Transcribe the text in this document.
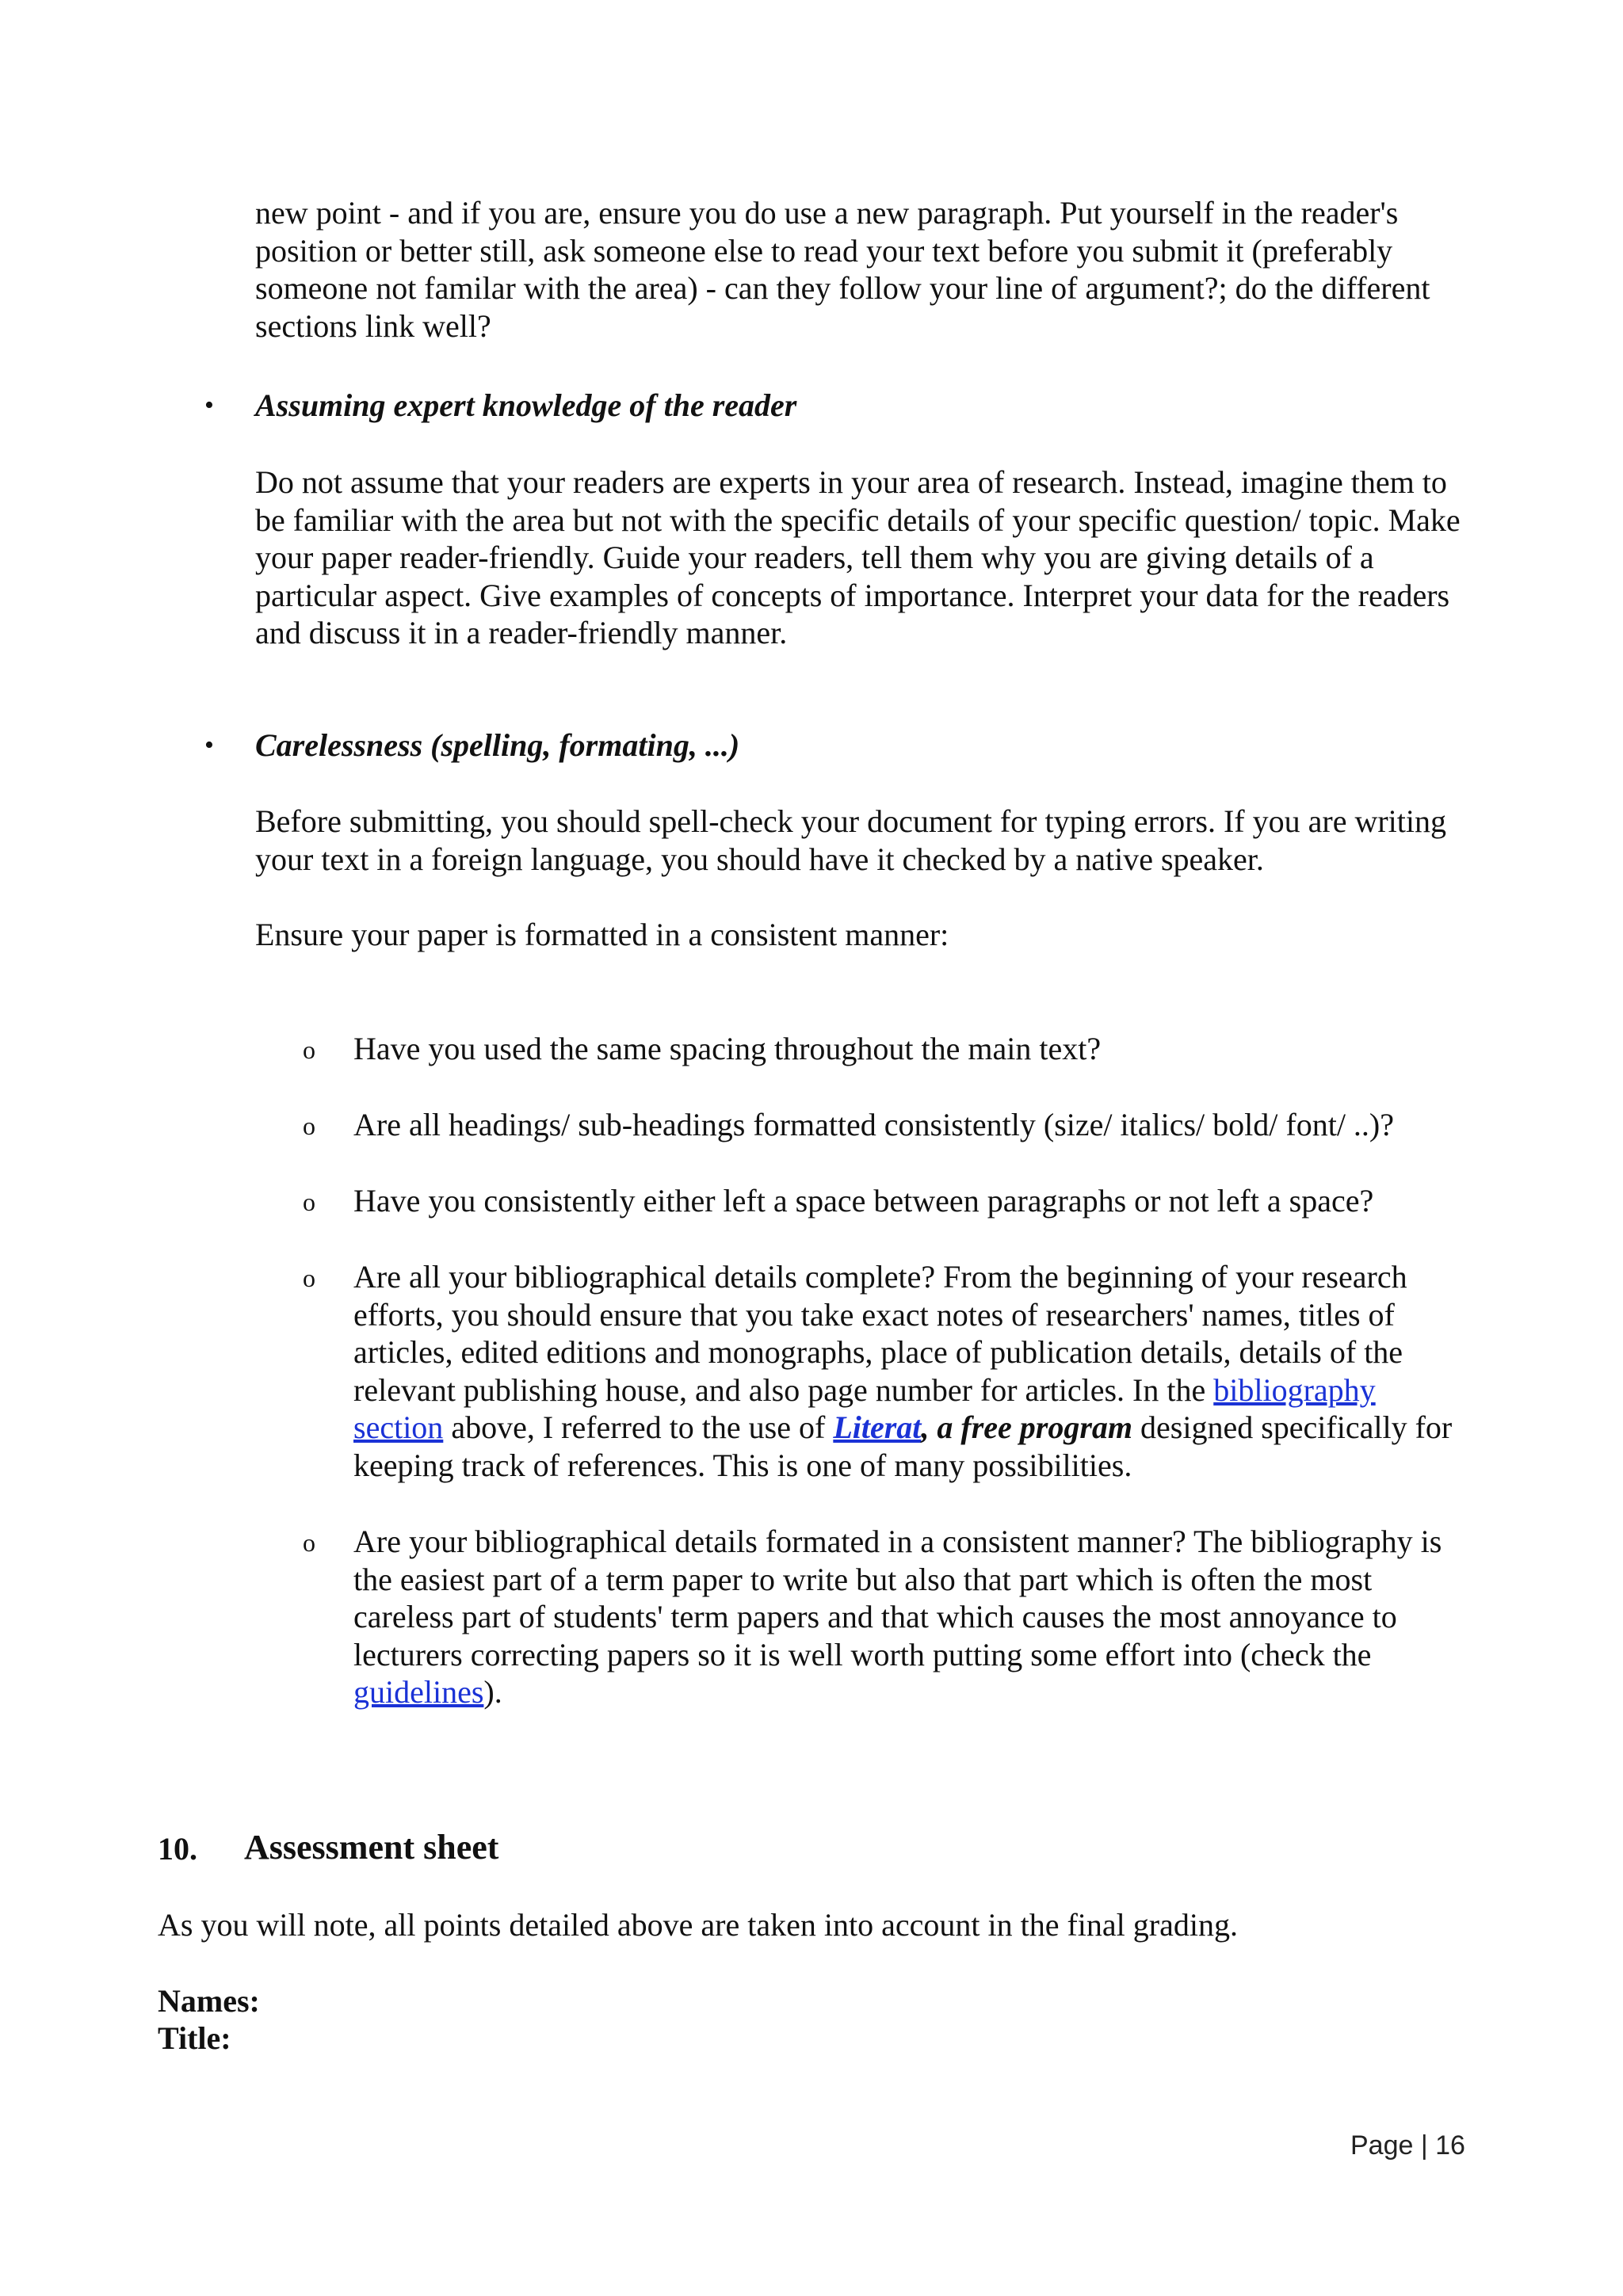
new point - and if you are, ensure you do use a new paragraph. Put yourself in the reader's position or better still, ask someone else to read your text before you submit it (preferably someone not familar with the area) - can they follow your line of argument?; do the different sections link well?

• Assuming expert knowledge of the reader

Do not assume that your readers are experts in your area of research. Instead, imagine them to be familiar with the area but not with the specific details of your specific question/ topic. Make your paper reader-friendly. Guide your readers, tell them why you are giving details of a particular aspect. Give examples of concepts of importance. Interpret your data for the readers and discuss it in a reader-friendly manner.

• Carelessness (spelling, formating, ...)

Before submitting, you should spell-check your document for typing errors. If you are writing your text in a foreign language, you should have it checked by a native speaker.

Ensure your paper is formatted in a consistent manner:

o Have you used the same spacing throughout the main text?

o Are all headings/ sub-headings formatted consistently (size/ italics/ bold/ font/ ..)?

o Have you consistently either left a space between paragraphs or not left a space?

o Are all your bibliographical details complete? From the beginning of your research efforts, you should ensure that you take exact notes of researchers' names, titles of articles, edited editions and monographs, place of publication details, details of the relevant publishing house, and also page number for articles. In the bibliography section above, I referred to the use of Literat, a free program designed specifically for keeping track of references. This is one of many possibilities.

o Are your bibliographical details formated in a consistent manner? The bibliography is the easiest part of a term paper to write but also that part which is often the most careless part of students' term papers and that which causes the most annoyance to lecturers correcting papers so it is well worth putting some effort into (check the guidelines).

10. Assessment sheet

As you will note, all points detailed above are taken into account in the final grading.

Names:
Title:
Page | 16
